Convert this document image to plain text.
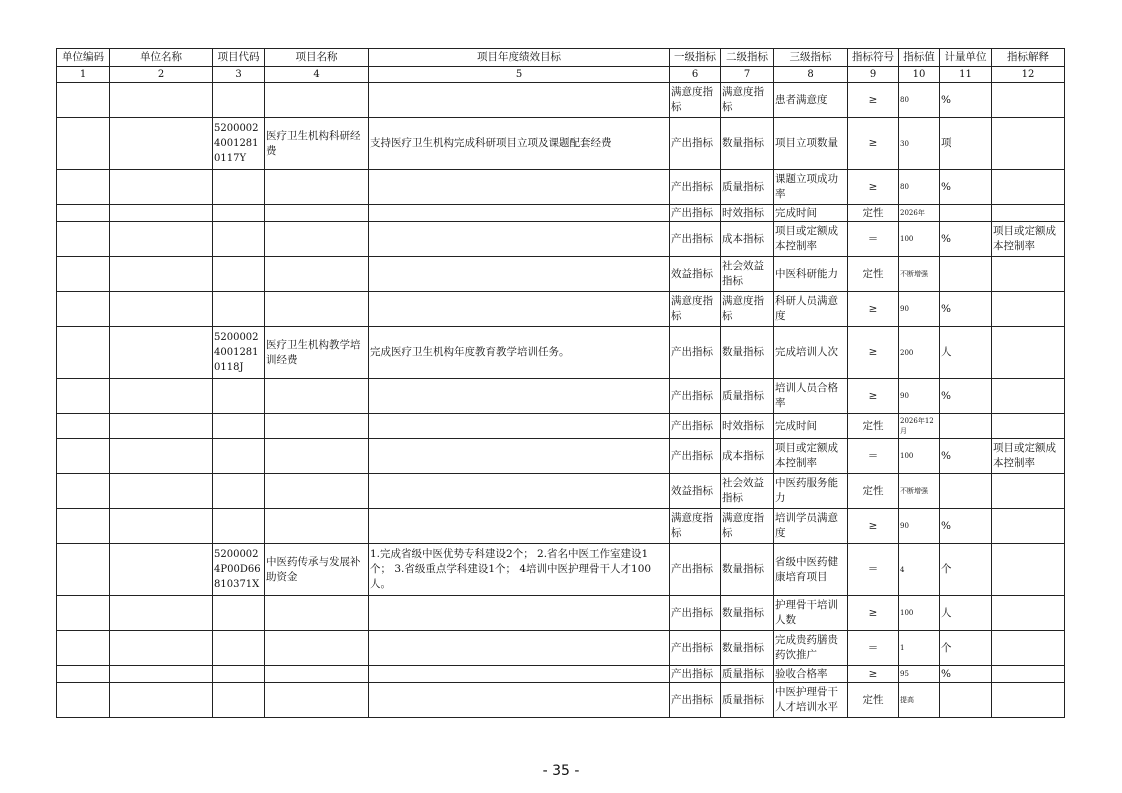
单位编码	单位名称	项目代码	项目名称	项目年度绩效目标	一级指标	二级指标	三级指标	指标符号	指标值	计量单位	指标解释
1	2	3	4	5	6	7	8	9	10	11	12
					满意度指标	满意度指标	患者满意度	≥	80	%	
		520000240012810117Y	医疗卫生机构科研经费	支持医疗卫生机构完成科研项目立项及课题配套经费	产出指标	数量指标	项目立项数量	≥	30	项	
					产出指标	质量指标	课题立项成功率	≥	80	%	
					产出指标	时效指标	完成时间	定性	2026年		
					产出指标	成本指标	项目或定额成本控制率	＝	100	%	项目或定额成本控制率
					效益指标	社会效益指标	中医科研能力	定性	不断增强		
					满意度指标	满意度指标	科研人员满意度	≥	90	%	
		520000240012810118J	医疗卫生机构教学培训经费	完成医疗卫生机构年度教育教学培训任务。	产出指标	数量指标	完成培训人次	≥	200	人	
					产出指标	质量指标	培训人员合格率	≥	90	%	
					产出指标	时效指标	完成时间	定性	2026年12月		
					产出指标	成本指标	项目或定额成本控制率	＝	100	%	项目或定额成本控制率
					效益指标	社会效益指标	中医药服务能力	定性	不断增强		
					满意度指标	满意度指标	培训学员满意度	≥	90	%	
		52000024P00D66810371X	中医药传承与发展补助资金	1.完成省级中医优势专科建设2个； 2.省名中医工作室建设1个； 3.省级重点学科建设1个； 4培训中医护理骨干人才100人。	产出指标	数量指标	省级中医药健康培育项目	＝	4	个	
					产出指标	数量指标	护理骨干培训人数	≥	100	人	
					产出指标	数量指标	完成贵药膳贵药饮推广	＝	1	个	
					产出指标	质量指标	验收合格率	≥	95	%	
					产出指标	质量指标	中医护理骨干人才培训水平	定性	提高		
- 35 -
